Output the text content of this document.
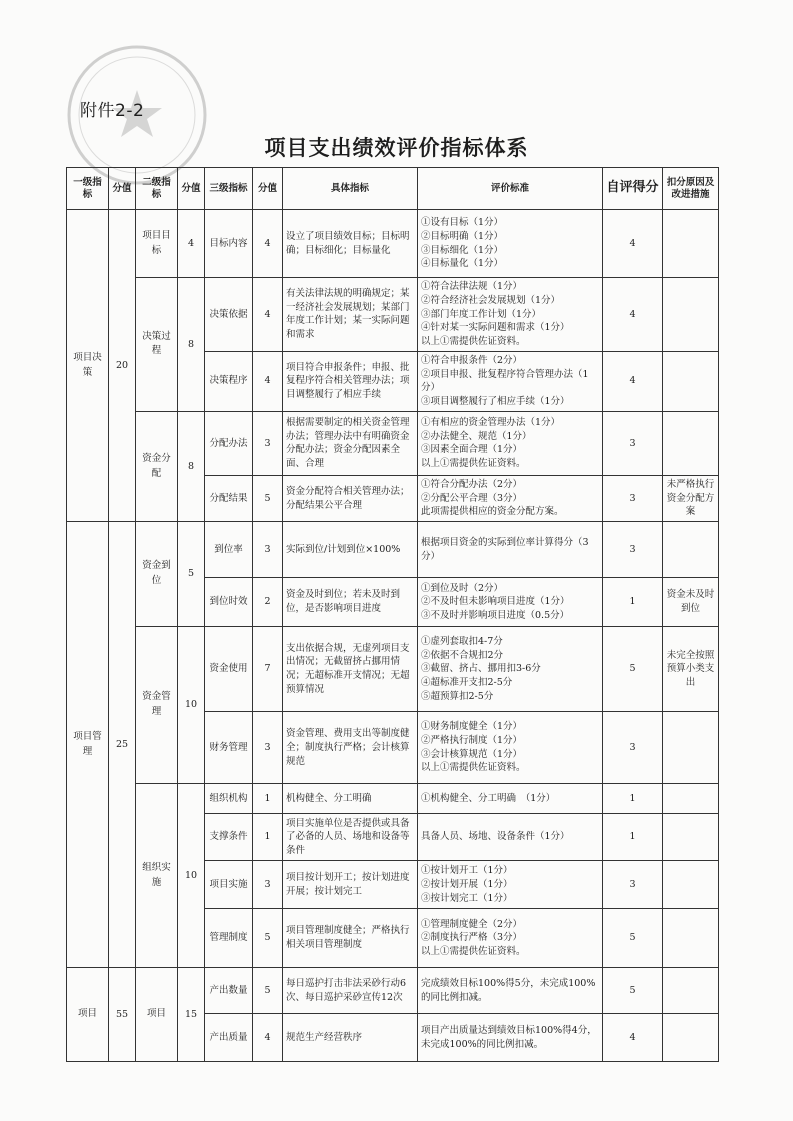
附件2-2
项目支出绩效评价指标体系
一级指标	分值	二级指标	分值	三级指标	分值	具体指标	评价标准	自评得分	扣分原因及改进措施
项目决策	20	项目目标	4	目标内容	4	设立了项目绩效目标；目标明确；目标细化；目标量化	①设有目标（1分）
②目标明确（1分）
③目标细化（1分）
④目标量化（1分）	4	
		决策过程	8	决策依据	4	有关法律法规的明确规定；某一经济社会发展规划；某部门年度工作计划；某一实际问题和需求	①符合法律法规（1分）
②符合经济社会发展规划（1分）
③部门年度工作计划（1分）
④针对某一实际问题和需求（1分）
以上①需提供佐证资料。	4	
				决策程序	4	项目符合申报条件；申报、批复程序符合相关管理办法；项目调整履行了相应手续	①符合申报条件（2分）
②项目申报、批复程序符合管理办法（1分）
③项目调整履行了相应手续（1分）	4	
		资金分配	8	分配办法	3	根据需要制定的相关资金管理办法；管理办法中有明确资金分配办法；资金分配因素全面、合理	①有相应的资金管理办法（1分）
②办法健全、规范（1分）
③因素全面合理（1分）
以上①需提供佐证资料。	3	
				分配结果	5	资金分配符合相关管理办法；分配结果公平合理	①符合分配办法（2分）
②分配公平合理（3分）
此项需提供相应的资金分配方案。	3	未严格执行资金分配方案
项目管理	25	资金到位	5	到位率	3	实际到位/计划到位×100%	根据项目资金的实际到位率计算得分（3分）	3	
				到位时效	2	资金及时到位；若未及时到位，是否影响项目进度	①到位及时（2分）
②不及时但未影响项目进度（1分）
③不及时并影响项目进度（0.5分）	1	资金未及时到位
		资金管理	10	资金使用	7	支出依据合规，无虚列项目支出情况；无截留挤占挪用情况；无超标准开支情况；无超预算情况	①虚列套取扣4-7分
②依据不合规扣2分
③截留、挤占、挪用扣3-6分
④超标准开支扣2-5分
⑤超预算扣2-5分	5	未完全按照预算小类支出
				财务管理	3	资金管理、费用支出等制度健全；制度执行严格；会计核算规范	①财务制度健全（1分）
②严格执行制度（1分）
③会计核算规范（1分）
以上①需提供佐证资料。	3	
		组织实施	10	组织机构	1	机构健全、分工明确	①机构健全、分工明确　（1分）	1	
				支撑条件	1	项目实施单位是否提供或具备了必备的人员、场地和设备等条件	具备人员、场地、设备条件（1分）	1	
				项目实施	3	项目按计划开工；按计划进度开展；按计划完工	①按计划开工（1分）
②按计划开展（1分）
③按计划完工（1分）	3	
				管理制度	5	项目管理制度健全；严格执行相关项目管理制度	①管理制度健全（2分）
②制度执行严格（3分）
以上①需提供佐证资料。	5	
项目	55	项目	15	产出数量	5	每日巡护打击非法采砂行动6次、每日巡护采砂宣传12次	完成绩效目标100%得5分，未完成100%的同比例扣减。	5	
				产出质量	4	规范生产经营秩序	项目产出质量达到绩效目标100%得4分，未完成100%的同比例扣减。	4	
